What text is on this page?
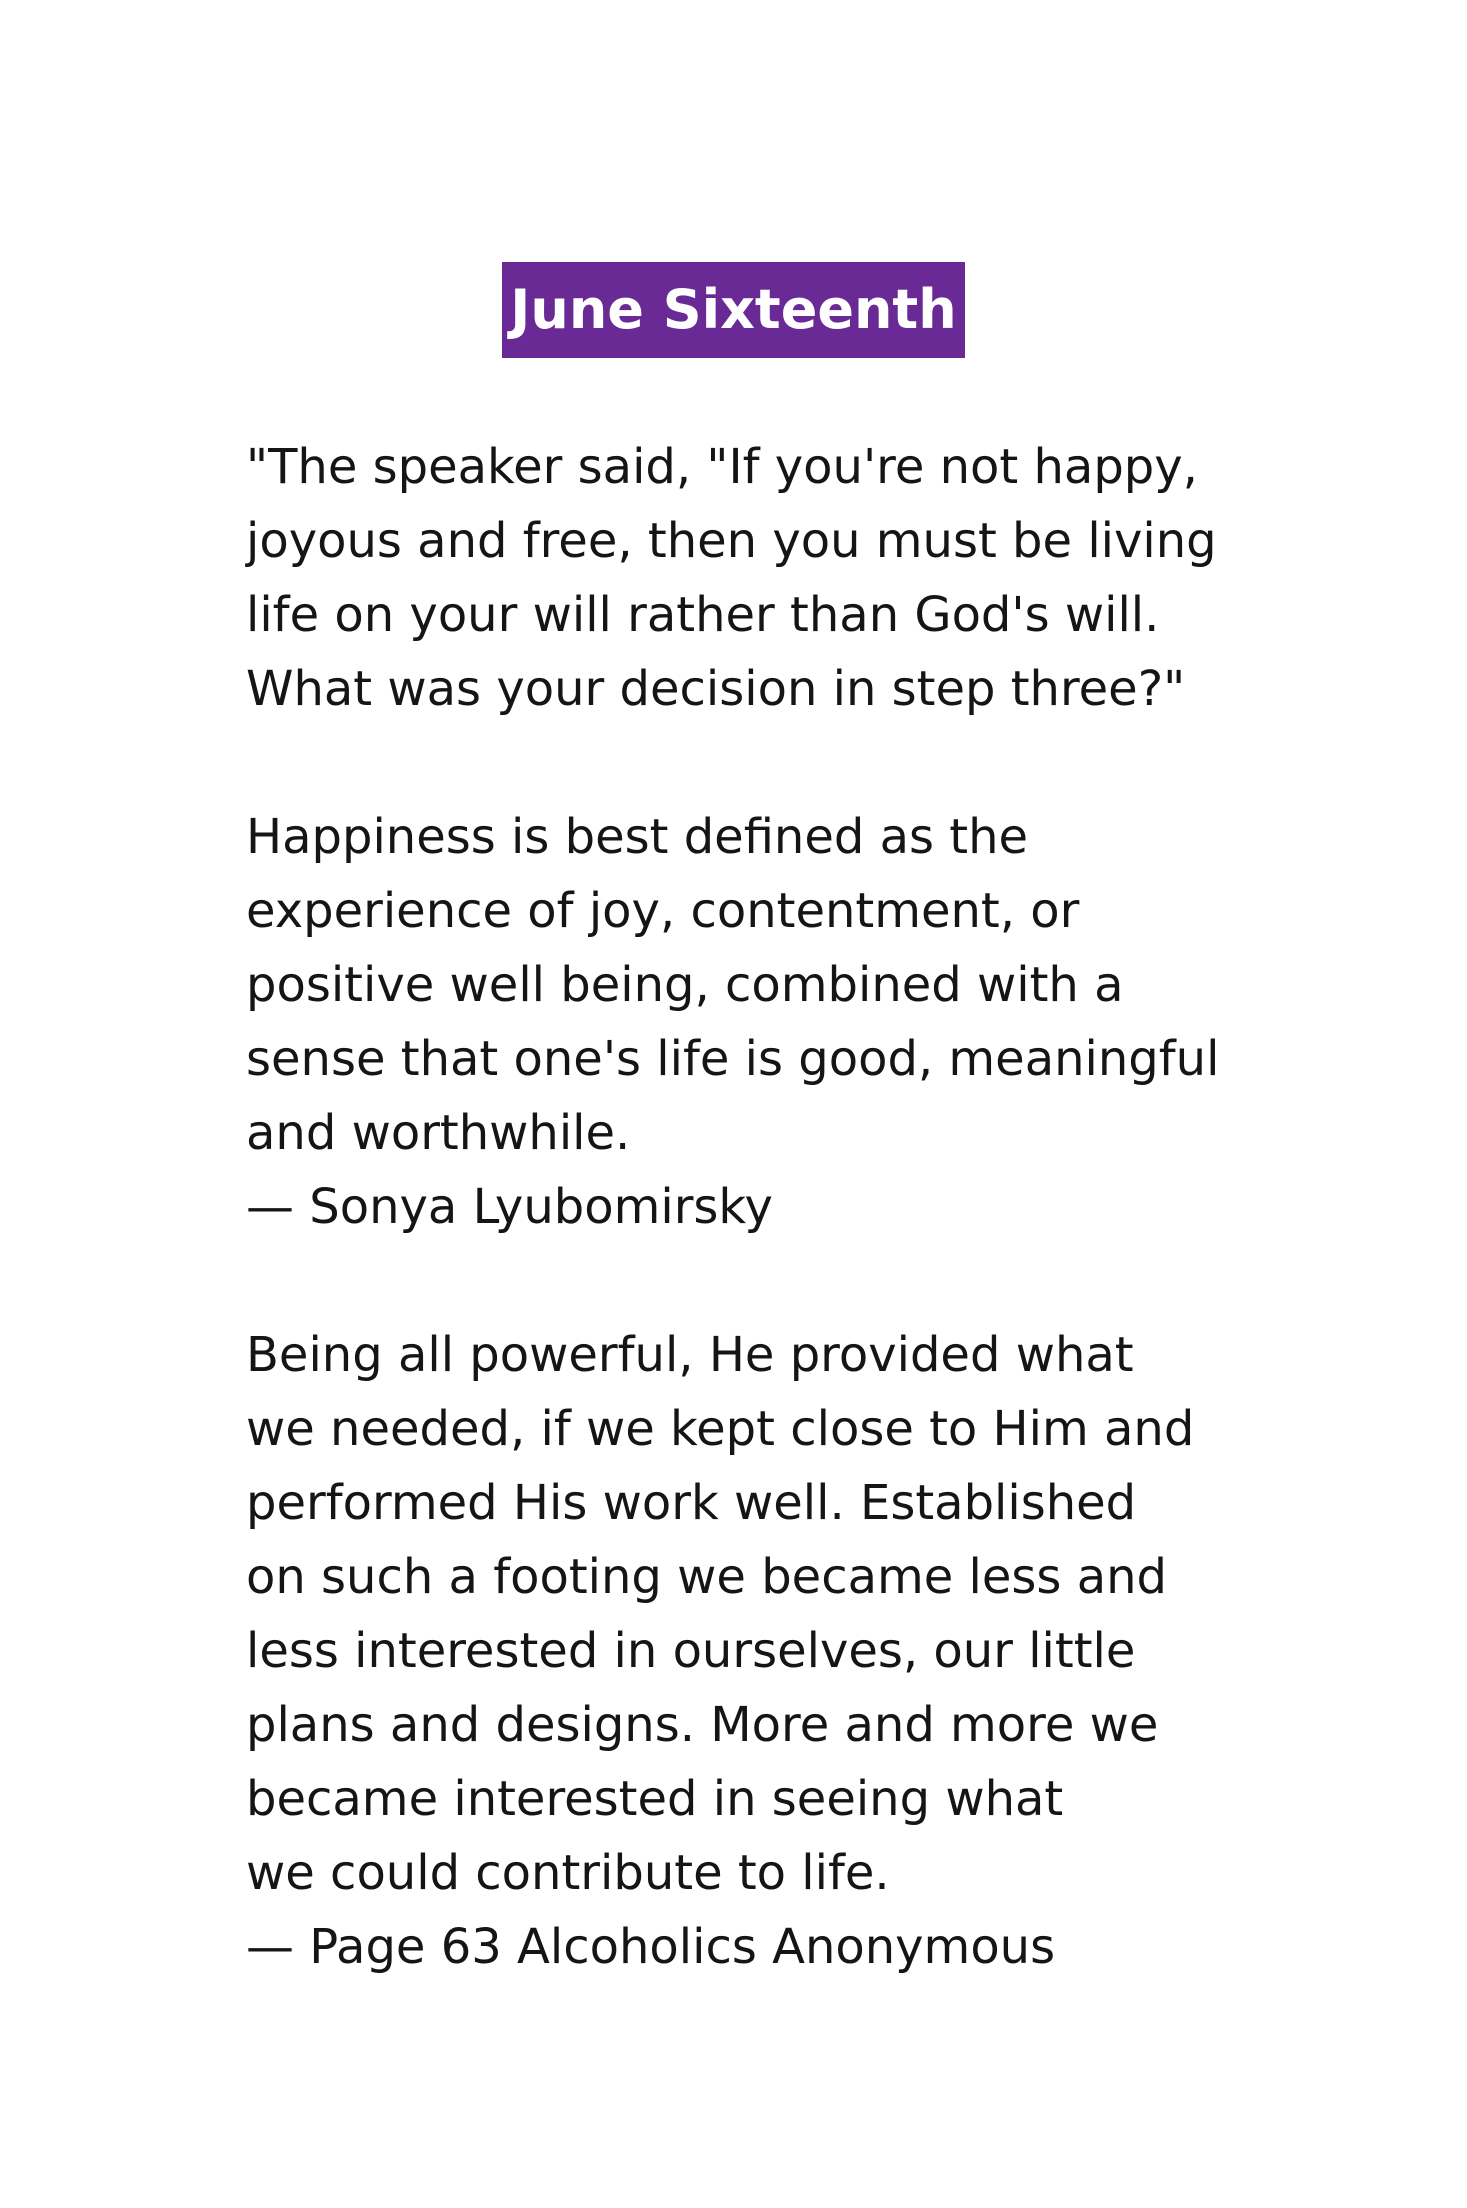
June Sixteenth
"The speaker said, "If you're not happy,
joyous and free, then you must be living
life on your will rather than God's will.
What was your decision in step three?"
Happiness is best defined as the
experience of joy, contentment, or
positive well being, combined with a
sense that one's life is good, meaningful
and worthwhile.
— Sonya Lyubomirsky
Being all powerful, He provided what
we needed, if we kept close to Him and
performed His work well. Established
on such a footing we became less and
less interested in ourselves, our little
plans and designs. More and more we
became interested in seeing what
we could contribute to life.
— Page 63 Alcoholics Anonymous
